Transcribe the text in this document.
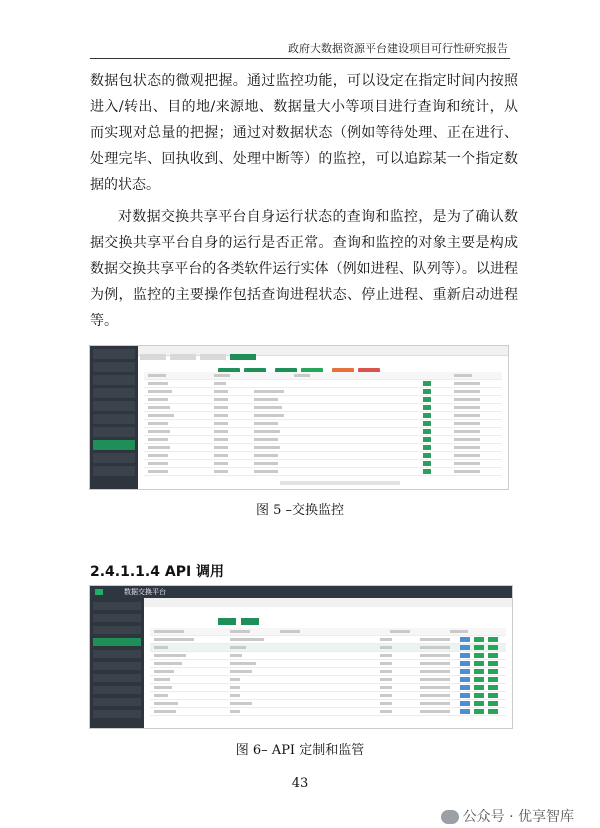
政府大数据资源平台建设项目可行性研究报告

数据包状态的微观把握。通过监控功能，可以设定在指定时间内按照进入/转出、目的地/来源地、数据量大小等项目进行查询和统计，从而实现对总量的把握；通过对数据状态（例如等待处理、正在进行、处理完毕、回执收到、处理中断等）的监控，可以追踪某一个指定数据的状态。

对数据交换共享平台自身运行状态的查询和监控，是为了确认数据交换共享平台自身的运行是否正常。查询和监控的对象主要是构成数据交换共享平台的各类软件运行实体（例如进程、队列等）。以进程为例，监控的主要操作包括查询进程状态、停止进程、重新启动进程等。

图 5 –交换监控
2.4.1.1.4 API 调用
数据交换平台
图 6– API 定制和监管
43
公众号 · 优享智库
